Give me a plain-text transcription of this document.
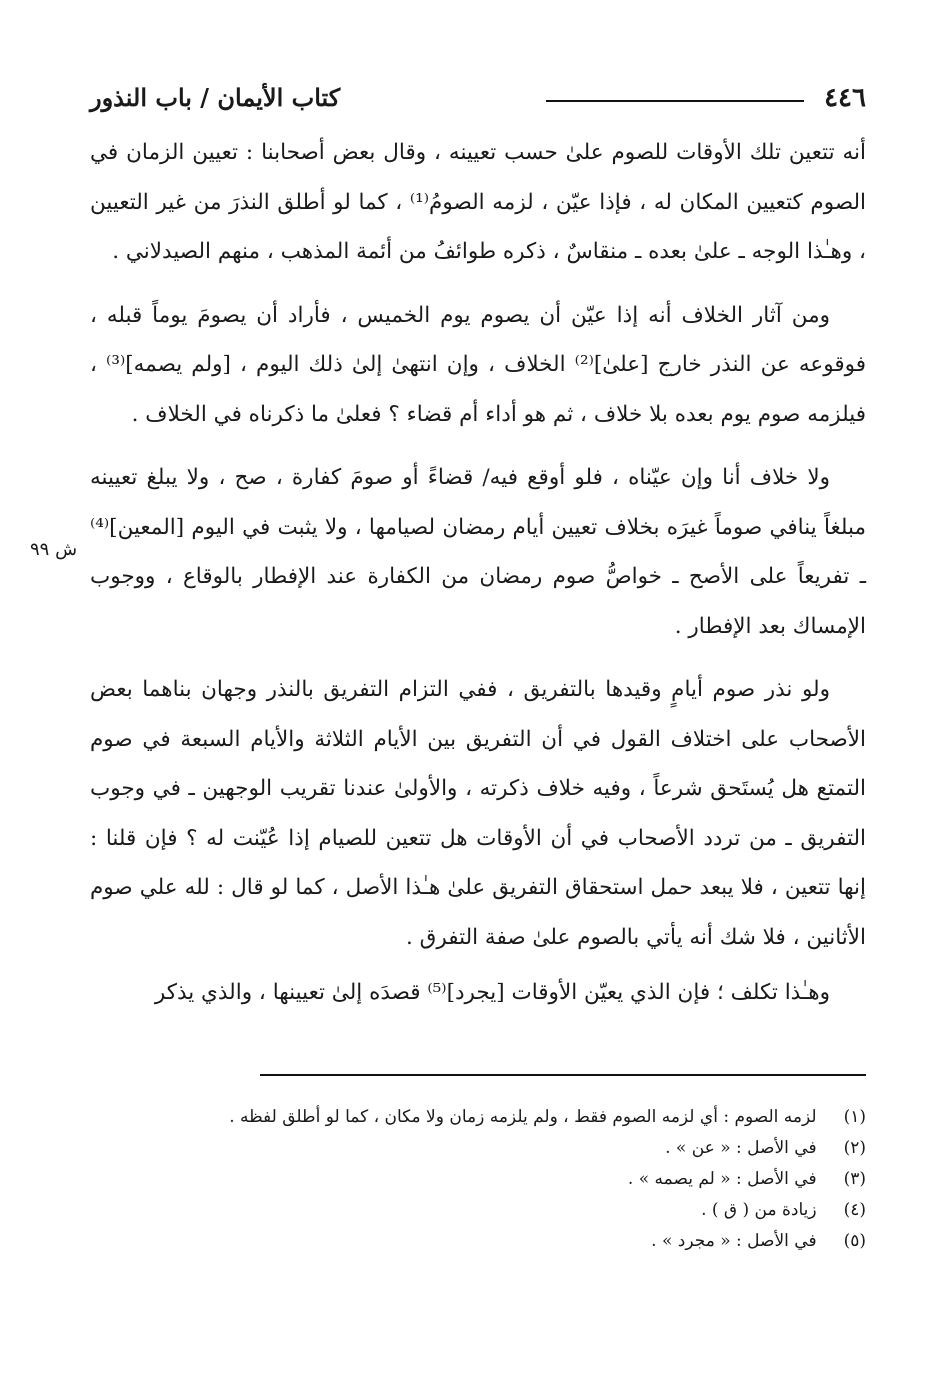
٤٤٦
كتاب الأيمان / باب النذور
ش ٩٩

أنه تتعين تلك الأوقات للصوم علىٰ حسب تعيينه ، وقال بعض أصحابنا : تعيين الزمان في الصوم كتعيين المكان له ، فإذا عيّن ، لزمه الصومُ⁽¹⁾ ، كما لو أطلق النذرَ من غير التعيين ، وهـٰذا الوجه ـ علىٰ بعده ـ منقاسٌ ، ذكره طوائفُ من أئمة المذهب ، منهم الصيدلاني .

ومن آثار الخلاف أنه إذا عيّن أن يصوم يوم الخميس ، فأراد أن يصومَ يوماً قبله ، فوقوعه عن النذر خارج [علىٰ]⁽²⁾ الخلاف ، وإن انتهىٰ إلىٰ ذلك اليوم ، [ولم يصمه]⁽³⁾ ، فيلزمه صوم يوم بعده بلا خلاف ، ثم هو أداء أم قضاء ؟ فعلىٰ ما ذكرناه في الخلاف .

ولا خلاف أنا وإن عيّناه ، فلو أوقع فيه/ قضاءً أو صومَ كفارة ، صح ، ولا يبلغ تعيينه مبلغاً ينافي صوماً غيرَه بخلاف تعيين أيام رمضان لصيامها ، ولا يثبت في اليوم [المعين]⁽⁴⁾ ـ تفريعاً على الأصح ـ خواصُّ صوم رمضان من الكفارة عند الإفطار بالوقاع ، ووجوب الإمساك بعد الإفطار .

ولو نذر صوم أيامٍ وقيدها بالتفريق ، ففي التزام التفريق بالنذر وجهان بناهما بعض الأصحاب على اختلاف القول في أن التفريق بين الأيام الثلاثة والأيام السبعة في صوم التمتع هل يُستَحق شرعاً ، وفيه خلاف ذكرته ، والأولىٰ عندنا تقريب الوجهين ـ في وجوب التفريق ـ من تردد الأصحاب في أن الأوقات هل تتعين للصيام إذا عُيّنت له ؟ فإن قلنا : إنها تتعين ، فلا يبعد حمل استحقاق التفريق علىٰ هـٰذا الأصل ، كما لو قال : لله علي صوم الأثانين ، فلا شك أنه يأتي بالصوم علىٰ صفة التفرق .

وهـٰذا تكلف ؛ فإن الذي يعيّن الأوقات [يجرد]⁽⁵⁾ قصدَه إلىٰ تعيينها ، والذي يذكر

(١) لزمه الصوم : أي لزمه الصوم فقط ، ولم يلزمه زمان ولا مكان ، كما لو أطلق لفظه .
(٢) في الأصل : « عن » .
(٣) في الأصل : « لم يصمه » .
(٤) زيادة من ( ق ) .
(٥) في الأصل : « مجرد » .
